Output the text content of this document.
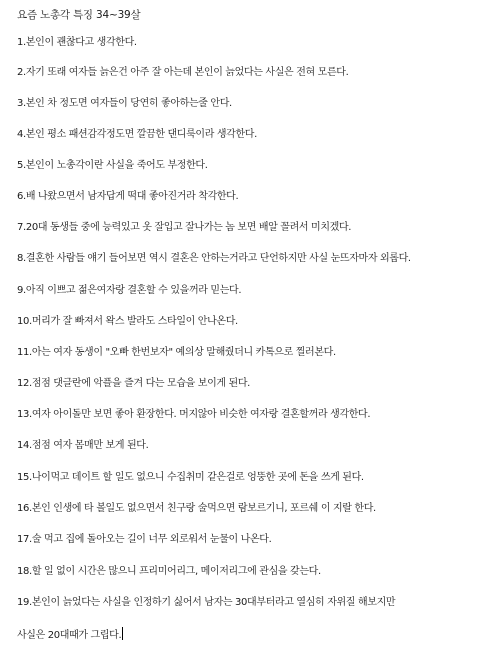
요즘 노총각 특징 34~39살
1.본인이 괜찮다고 생각한다.
2.자기 또래 여자들 늙은건 아주 잘 아는데 본인이 늙었다는 사실은 전혀 모른다.
3.본인 차 정도면 여자들이 당연히 좋아하는줄 안다.
4.본인 평소 패션감각정도면 깔끔한 댄디룩이라 생각한다.
5.본인이 노총각이란 사실을 죽어도 부정한다.
6.배 나왔으면서 남자답게 떡대 좋아진거라 착각한다.
7.20대 동생들 중에 능력있고 옷 잘입고 잘나가는 놈 보면 배알 꼴려서 미치겠다.
8.결혼한 사람들 얘기 들어보면 역시 결혼은 안하는거라고 단언하지만 사실 눈뜨자마자 외롭다.
9.아직 이쁘고 젊은여자랑 결혼할 수 있을꺼라 믿는다.
10.머리가 잘 빠져서 왁스 발라도 스타일이 안나온다.
11.아는 여자 동생이 "오빠 한번보자" 예의상 말해줬더니 카톡으로 찔러본다.
12.점점 댓글란에 악플을 즐겨 다는 모습을 보이게 된다.
13.여자 아이돌만 보면 좋아 환장한다. 머지않아 비슷한 여자랑 결혼할꺼라 생각한다.
14.점점 여자 몸매만 보게 된다.
15.나이먹고 데이트 할 일도 없으니 수집취미 같은걸로 엉뚱한 곳에 돈을 쓰게 된다.
16.본인 인생에 타 볼일도 없으면서 친구랑 술먹으면 람보르기니, 포르쉐 이 지랄 한다.
17.술 먹고 집에 돌아오는 길이 너무 외로워서 눈물이 나온다.
18.할 일 없이 시간은 많으니 프리미어리그, 메이저리그에 관심을 갖는다.
19.본인이 늙었다는 사실을 인정하기 싫어서 남자는 30대부터라고 열심히 자위질 해보지만
사실은 20대때가 그립다.
